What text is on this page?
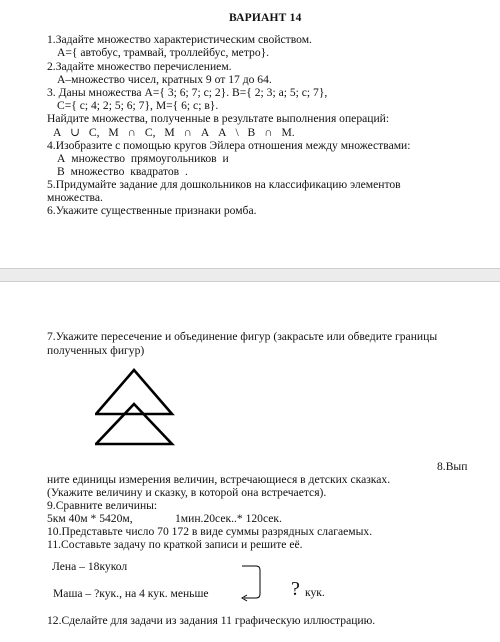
ВАРИАНТ 14
1.Задайте множество характеристическим свойством.
А={ автобус, трамвай, троллейбус, метро}.
2.Задайте множество перечислением.
А–множество чисел, кратных 9 от 17 до 64.
3. Даны множества А={ 3; 6; 7; с; 2}. В={ 2; 3; а; 5; с; 7},
С={ с; 4; 2; 5; 6; 7}, М={ 6; с; в}.
Найдите множества, полученные в результате выполнения операций:
А ∪ С, М ∩ С, М ∩ А А \ В ∩ М.
4.Изобразите с помощью кругов Эйлера отношения между множествами:
А множество прямоугольников и
В множество квадратов .
5.Придумайте задание для дошкольников на классификацию элементов
множества.
6.Укажите существенные признаки ромба.
7.Укажите пересечение и объединение фигур (закрасьте или обведите границы
полученных фигур)
8.Вып
ните единицы измерения величин, встречающиеся в детских сказках.
(Укажите величину и сказку, в которой она встречается).
9.Сравните величины:
5км 40м * 5420м,	1мин.20сек..* 120сек.
10.Представьте число 70 172 в виде суммы разрядных слагаемых.
11.Составьте задачу по краткой записи и решите её.
Лена – 18кукол
Маша – ?кук., на 4 кук. меньше	? кук.
12.Сделайте для задачи из задания 11 графическую иллюстрацию.
